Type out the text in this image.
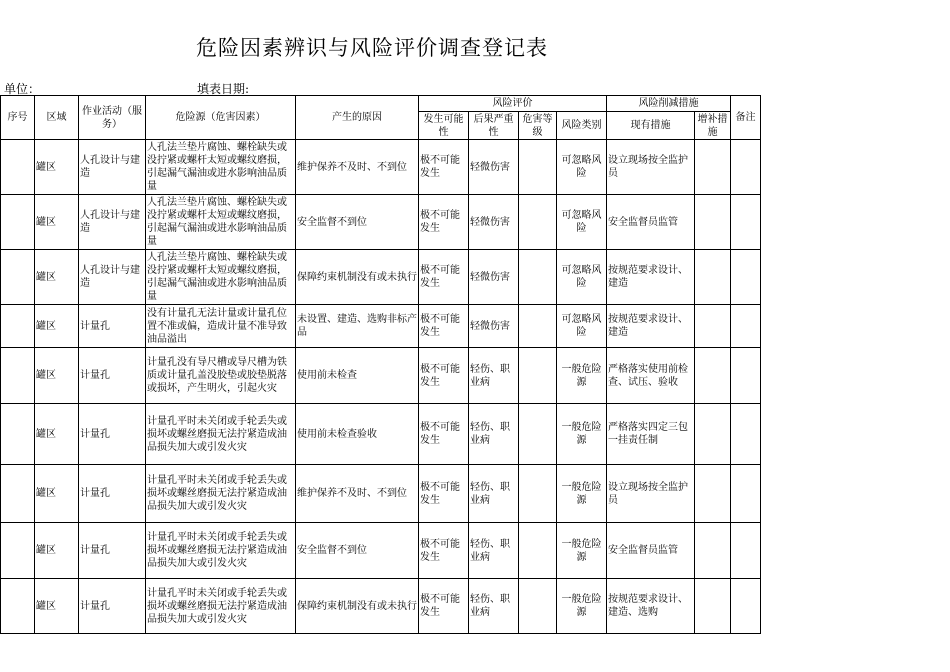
危险因素辨识与风险评价调查登记表
单位：	填表日期:
序号	区域	作业活动（服务）	危险源（危害因素）	产生的原因	风险评价				风险削减措施		备注
					发生可能性	后果严重性	危害等级	风险类别	现有措施	增补措施	
	罐区	人孔设计与建造	人孔法兰垫片腐蚀、螺栓缺失或没拧紧或螺杆太短或螺纹磨损，引起漏气漏油或进水影响油品质量	维护保养不及时、不到位	极不可能发生	轻微伤害		可忽略风险	设立现场按全监护员		
	罐区	人孔设计与建造	人孔法兰垫片腐蚀、螺栓缺失或没拧紧或螺杆太短或螺纹磨损，引起漏气漏油或进水影响油品质量	安全监督不到位	极不可能发生	轻微伤害		可忽略风险	安全监督员监管		
	罐区	人孔设计与建造	人孔法兰垫片腐蚀、螺栓缺失或没拧紧或螺杆太短或螺纹磨损，引起漏气漏油或进水影响油品质量	保障约束机制没有或未执行	极不可能发生	轻微伤害		可忽略风险	按规范要求设计、　建造		
	罐区	计量孔	没有计量孔无法计量或计量孔位置不准或偏，造成计量不准导致油品溢出	未设置、建造、选购非标产品	极不可能发生	轻微伤害		可忽略风险	按规范要求设计、　建造		
	罐区	计量孔	计量孔没有导尺槽或导尺槽为铁质或计量孔盖没胶垫或胶垫脱落或损坏，产生明火，引起火灾	使用前未检查	极不可能发生	轻伤、职业病		一般危险源	严格落实使用前检查、试压、验收		
	罐区	计量孔	计量孔平时未关闭或手轮丢失或损坏或螺丝磨损无法拧紧造成油品损失加大或引发火灾	使用前未检查验收	极不可能发生	轻伤、职业病		一般危险源	严格落实四定三包一挂责任制		
	罐区	计量孔	计量孔平时未关闭或手轮丢失或损坏或螺丝磨损无法拧紧造成油品损失加大或引发火灾	维护保养不及时、不到位	极不可能发生	轻伤、职业病		一般危险源	设立现场按全监护员		
	罐区	计量孔	计量孔平时未关闭或手轮丢失或损坏或螺丝磨损无法拧紧造成油品损失加大或引发火灾	安全监督不到位	极不可能发生	轻伤、职业病		一般危险源	安全监督员监管		
	罐区	计量孔	计量孔平时未关闭或手轮丢失或损坏或螺丝磨损无法拧紧造成油品损失加大或引发火灾	保障约束机制没有或未执行	极不可能发生	轻伤、职业病		一般危险源	按规范要求设计、　建造、选购		
